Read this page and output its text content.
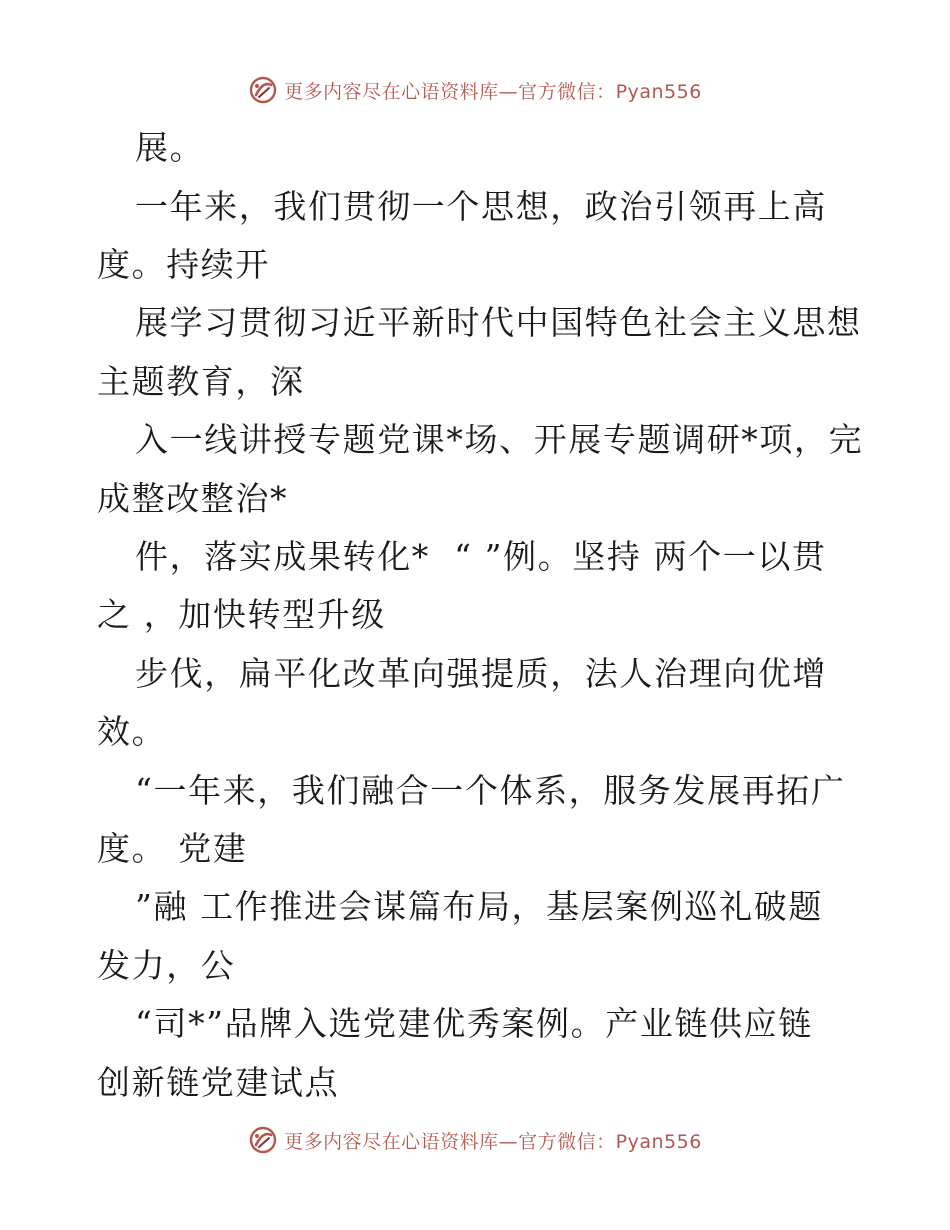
更多内容尽在心语资料库—官方微信：Pyan556
展。
一年来，我们贯彻一个思想，政治引领再上高
度。持续开
展学习贯彻习近平新时代中国特色社会主义思想
主题教育，深
入一线讲授专题党课*场、开展专题调研*项，完
成整改整治*
件，落实成果转化*  “ ”例。坚持 两个一以贯
之 ，加快转型升级
步伐，扁平化改革向强提质，法人治理向优增
效。
“一年来，我们融合一个体系，服务发展再拓广
度。 党建
”融 工作推进会谋篇布局，基层案例巡礼破题
发力，公
“司*”品牌入选党建优秀案例。产业链供应链
创新链党建试点
更多内容尽在心语资料库—官方微信：Pyan556
